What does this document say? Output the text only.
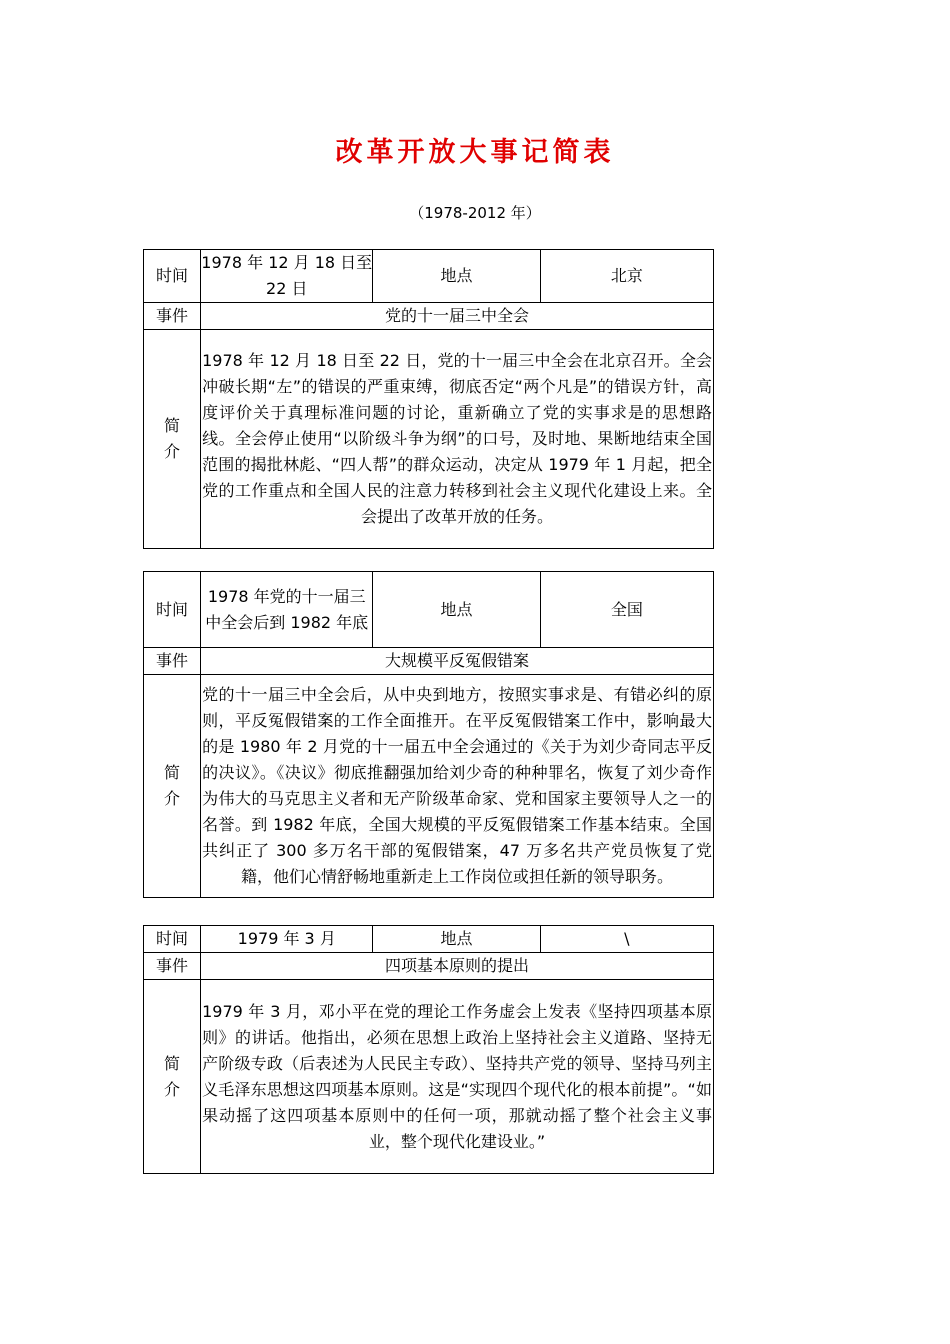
改革开放大事记简表
（1978-2012 年）
时间	1978 年 12 月 18 日至 22 日	地点	北京
事件	党的十一届三中全会		

简
介	1978 年 12 月 18 日至 22 日，党的十一届三中全会在北京召开。全会冲破长期“左”的错误的严重束缚，彻底否定“两个凡是”的错误方针，高度评价关于真理标准问题的讨论，重新确立了党的实事求是的思想路线。全会停止使用“以阶级斗争为纲”的口号，及时地、果断地结束全国范围的揭批林彪、“四人帮”的群众运动，决定从 1979 年 1 月起，把全党的工作重点和全国人民的注意力转移到社会主义现代化建设上来。全会提出了改革开放的任务。		
时间	1978 年党的十一届三中全会后到 1982 年底	地点	全国
事件	大规模平反冤假错案		

简
介	党的十一届三中全会后，从中央到地方，按照实事求是、有错必纠的原则，平反冤假错案的工作全面推开。在平反冤假错案工作中，影响最大的是 1980 年 2 月党的十一届五中全会通过的《关于为刘少奇同志平反的决议》。《决议》彻底推翻强加给刘少奇的种种罪名，恢复了刘少奇作为伟大的马克思主义者和无产阶级革命家、党和国家主要领导人之一的名誉。到 1982 年底，全国大规模的平反冤假错案工作基本结束。全国共纠正了 300 多万名干部的冤假错案，47 万多名共产党员恢复了党籍，他们心情舒畅地重新走上工作岗位或担任新的领导职务。		
时间	1979 年 3 月	地点	\
事件	四项基本原则的提出		

简
介	1979 年 3 月，邓小平在党的理论工作务虚会上发表《坚持四项基本原则》的讲话。他指出，必须在思想上政治上坚持社会主义道路、坚持无产阶级专政（后表述为人民民主专政）、坚持共产党的领导、坚持马列主义毛泽东思想这四项基本原则。这是“实现四个现代化的根本前提”。“如果动摇了这四项基本原则中的任何一项，那就动摇了整个社会主义事业，整个现代化建设业。”		
